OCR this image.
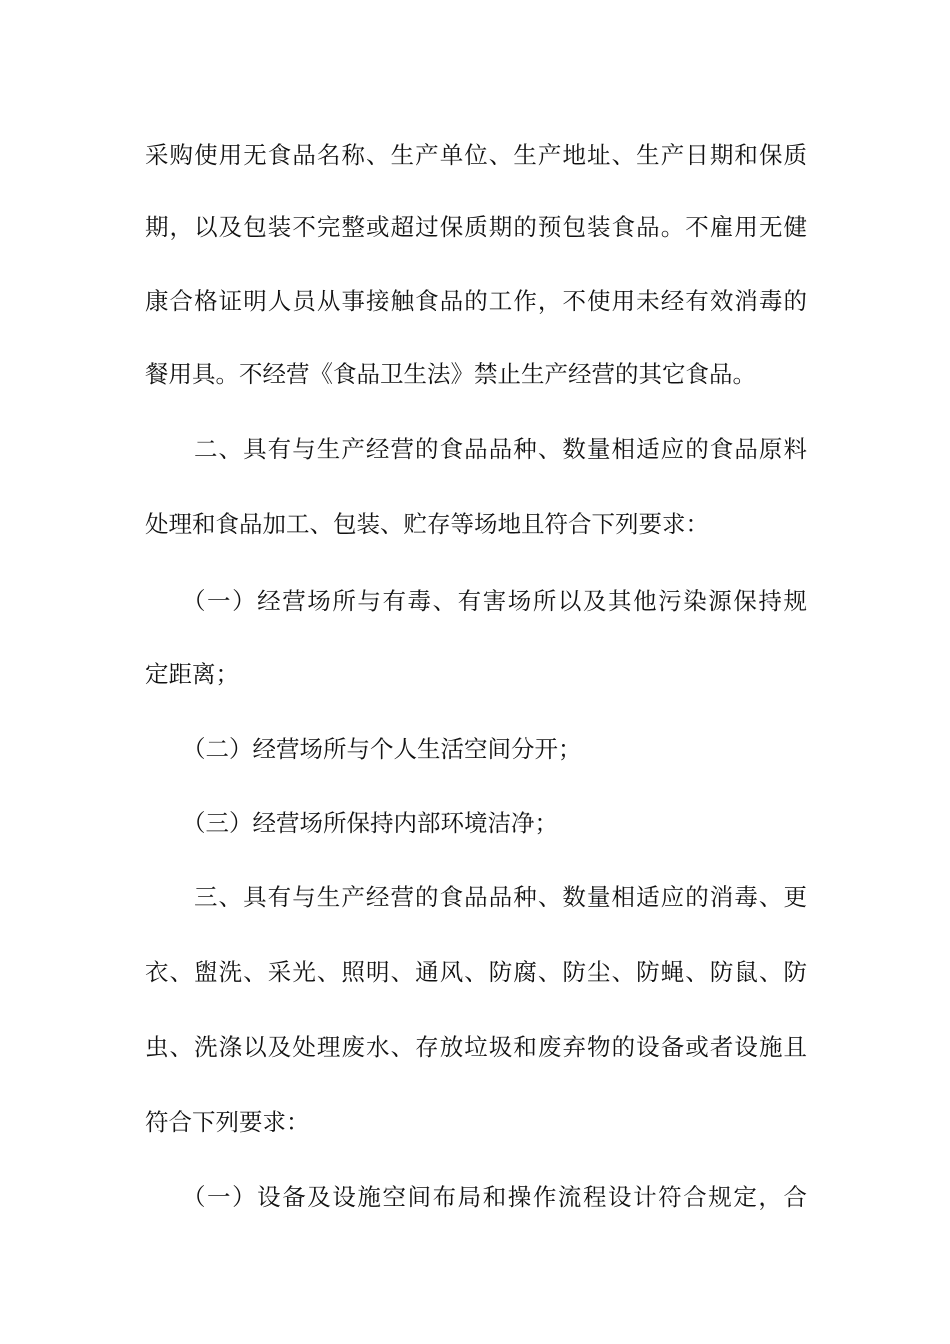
采购使用无食品名称、生产单位、生产地址、生产日期和保质
期，以及包装不完整或超过保质期的预包装食品。不雇用无健
康合格证明人员从事接触食品的工作，不使用未经有效消毒的
餐用具。不经营《食品卫生法》禁止生产经营的其它食品。
二、具有与生产经营的食品品种、数量相适应的食品原料
处理和食品加工、包装、贮存等场地且符合下列要求：
（一）经营场所与有毒、有害场所以及其他污染源保持规
定距离；
（二）经营场所与个人生活空间分开；
（三）经营场所保持内部环境洁净；
三、具有与生产经营的食品品种、数量相适应的消毒、更
衣、盥洗、采光、照明、通风、防腐、防尘、防蝇、防鼠、防
虫、洗涤以及处理废水、存放垃圾和废弃物的设备或者设施且
符合下列要求：
（一）设备及设施空间布局和操作流程设计符合规定，合
